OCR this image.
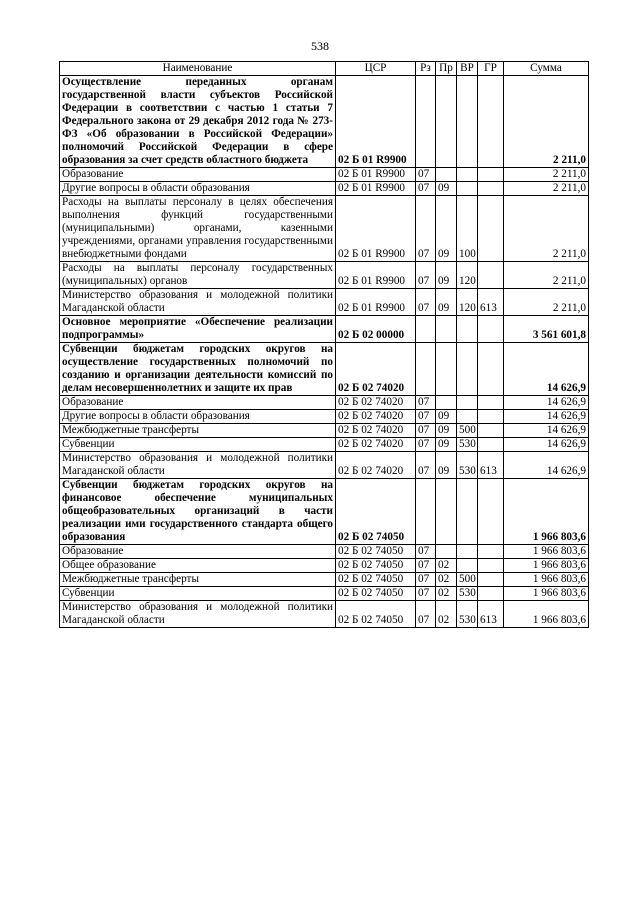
538
Наименование	ЦСР	Рз	Пр	ВР	ГР	Сумма
Осуществление переданных органам государственной власти субъектов Российской Федерации в соответствии с частью 1 статьи 7 Федерального закона от 29 декабря 2012 года № 273-ФЗ «Об образовании в Российской Федерации» полномочий Российской Федерации в сфере образования за счет средств областного бюджета	02 Б 01 R9900					2 211,0
Образование	02 Б 01 R9900	07				2 211,0
Другие вопросы в области образования	02 Б 01 R9900	07	09			2 211,0
Расходы на выплаты персоналу в целях обеспечения выполнения функций государственными (муниципальными) органами, казенными учреждениями, органами управления государственными внебюджетными фондами	02 Б 01 R9900	07	09	100		2 211,0
Расходы на выплаты персоналу государственных (муниципальных) органов	02 Б 01 R9900	07	09	120		2 211,0
Министерство образования и молодежной политики Магаданской области	02 Б 01 R9900	07	09	120	613	2 211,0
Основное мероприятие «Обеспечение реализации подпрограммы»	02 Б 02 00000					3 561 601,8
Субвенции бюджетам городских округов на осуществление государственных полномочий по созданию и организации деятельности комиссий по делам несовершеннолетних и защите их прав	02 Б 02 74020					14 626,9
Образование	02 Б 02 74020	07				14 626,9
Другие вопросы в области образования	02 Б 02 74020	07	09			14 626,9
Межбюджетные трансферты	02 Б 02 74020	07	09	500		14 626,9
Субвенции	02 Б 02 74020	07	09	530		14 626,9
Министерство образования и молодежной политики Магаданской области	02 Б 02 74020	07	09	530	613	14 626,9
Субвенции бюджетам городских округов на финансовое обеспечение муниципальных общеобразовательных организаций в части реализации ими государственного стандарта общего образования	02 Б 02 74050					1 966 803,6
Образование	02 Б 02 74050	07				1 966 803,6
Общее образование	02 Б 02 74050	07	02			1 966 803,6
Межбюджетные трансферты	02 Б 02 74050	07	02	500		1 966 803,6
Субвенции	02 Б 02 74050	07	02	530		1 966 803,6
Министерство образования и молодежной политики Магаданской области	02 Б 02 74050	07	02	530	613	1 966 803,6
